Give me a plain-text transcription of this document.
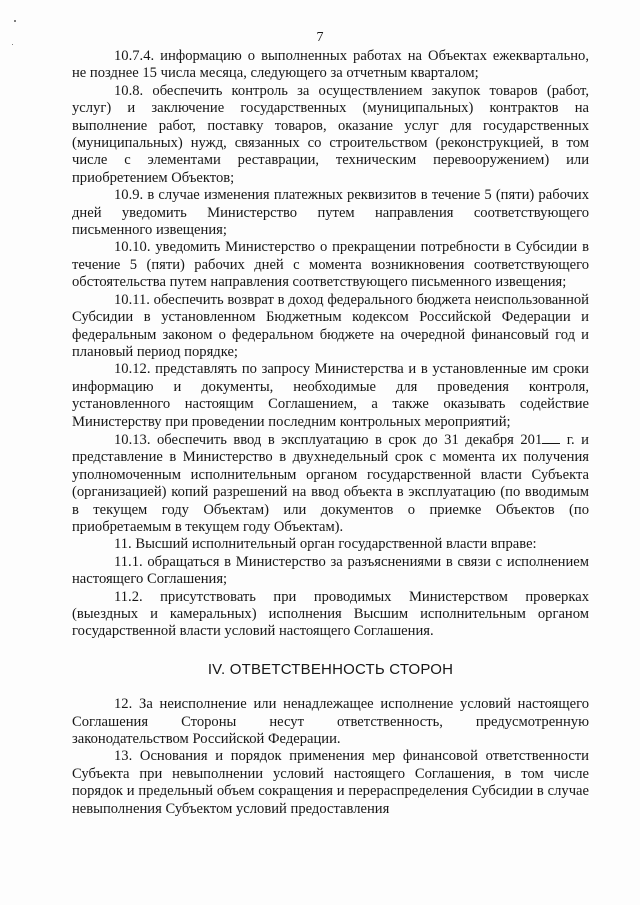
7

10.7.4. информацию о выполненных работах на Объектах ежеквартально, не позднее 15 числа месяца, следующего за отчетным кварталом;

10.8. обеспечить контроль за осуществлением закупок товаров (работ, услуг) и заключение государственных (муниципальных) контрактов на выполнение работ, поставку товаров, оказание услуг для государственных (муниципальных) нужд, связанных со строительством (реконструкцией, в том числе с элементами реставрации, техническим перевооружением) или приобретением Объектов;

10.9. в случае изменения платежных реквизитов в течение 5 (пяти) рабочих дней уведомить Министерство путем направления соответствующего письменного извещения;

10.10. уведомить Министерство о прекращении потребности в Субсидии в течение 5 (пяти) рабочих дней с момента возникновения соответствующего обстоятельства путем направления соответствующего письменного извещения;

10.11. обеспечить возврат в доход федерального бюджета неиспользованной Субсидии в установленном Бюджетным кодексом Российской Федерации и федеральным законом о федеральном бюджете на очередной финансовый год и плановый период порядке;

10.12. представлять по запросу Министерства и в установленные им сроки информацию и документы, необходимые для проведения контроля, установленного настоящим Соглашением, а также оказывать содействие Министерству при проведении последним контрольных мероприятий;

10.13. обеспечить ввод в эксплуатацию в срок до 31 декабря 201 г. и представление в Министерство в двухнедельный срок с момента их получения уполномоченным исполнительным органом государственной власти Субъекта (организацией) копий разрешений на ввод объекта в эксплуатацию (по вводимым в текущем году Объектам) или документов о приемке Объектов (по приобретаемым в текущем году Объектам).

11. Высший исполнительный орган государственной власти вправе:

11.1. обращаться в Министерство за разъяснениями в связи с исполнением настоящего Соглашения;

11.2. присутствовать при проводимых Министерством проверках (выездных и камеральных) исполнения Высшим исполнительным органом государственной власти условий настоящего Соглашения.

IV. ОТВЕТСТВЕННОСТЬ СТОРОН

12. За неисполнение или ненадлежащее исполнение условий настоящего Соглашения Стороны несут ответственность, предусмотренную законодательством Российской Федерации.

13. Основания и порядок применения мер финансовой ответственности Субъекта при невыполнении условий настоящего Соглашения, в том числе порядок и предельный объем сокращения и перераспределения Субсидии в случае невыполнения Субъектом условий предоставления
